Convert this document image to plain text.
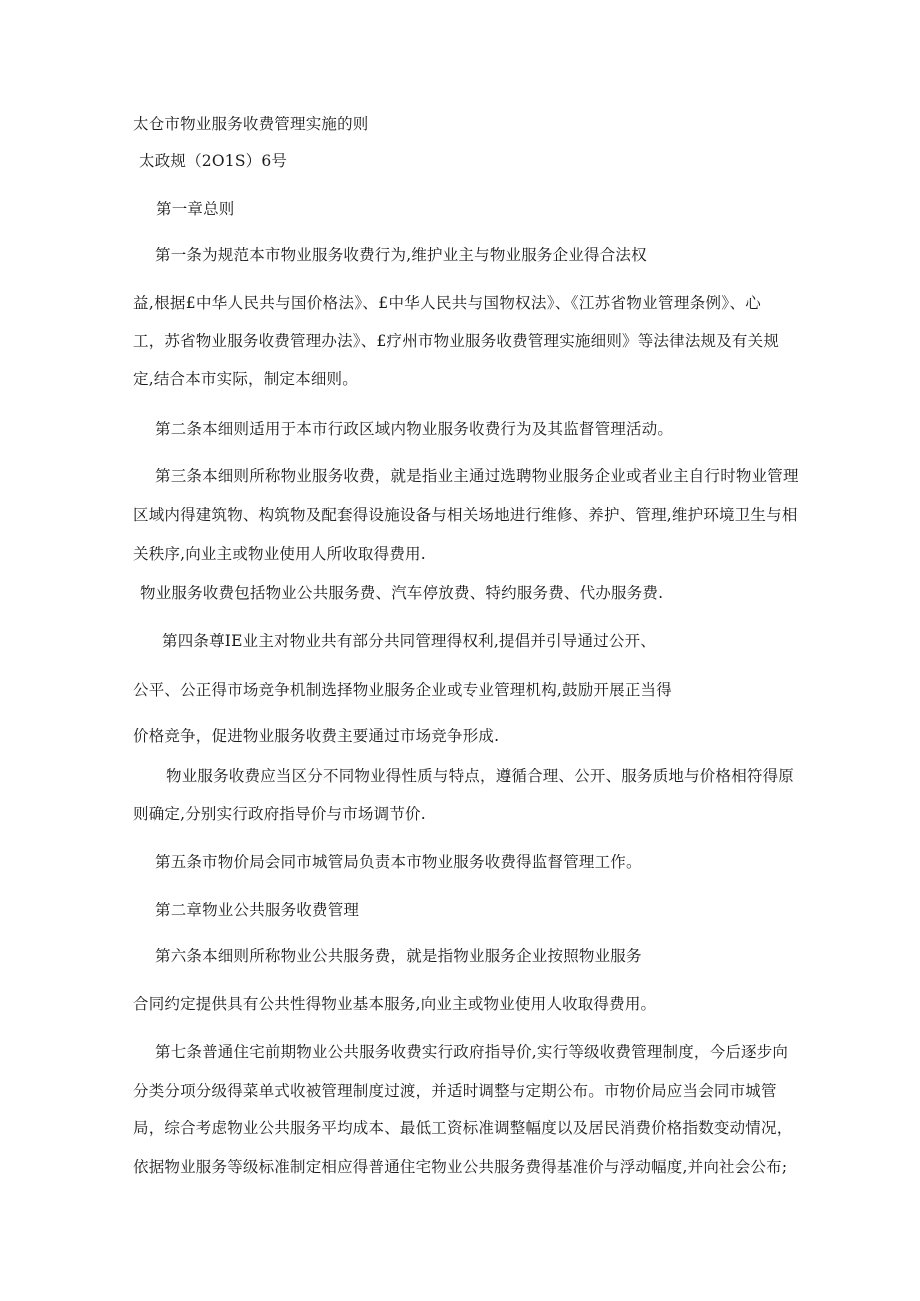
太仓市物业服务收费管理实施的则
太政规（2O1S）6号
第一章总则
第一条为规范本市物业服务收费行为,维护业主与物业服务企业得合法权
益,根据£中华人民共与国价格法》、£中华人民共与国物权法》、《江苏省物业管理条例》、心
工，苏省物业服务收费管理办法》、£疗州市物业服务收费管理实施细则》等法律法规及有关规
定,结合本市实际，制定本细则。
第二条本细则适用于本市行政区域内物业服务收费行为及其监督管理活动。
第三条本细则所称物业服务收费，就是指业主通过选聘物业服务企业或者业主自行时物业管理
区域内得建筑物、构筑物及配套得设施设备与相关场地进行维修、养护、管理,维护环境卫生与相
关秩序,向业主或物业使用人所收取得费用.
物业服务收费包括物业公共服务费、汽车停放费、特约服务费、代办服务费.
第四条尊IE业主对物业共有部分共同管理得权利,提倡并引导通过公开、
公平、公正得市场竞争机制选择物业服务企业或专业管理机构,鼓励开展正当得
价格竞争，促进物业服务收费主要通过市场竞争形成.
物业服务收费应当区分不同物业得性质与特点，遵循合理、公开、服务质地与价格相符得原
则确定,分别实行政府指导价与市场调节价.
第五条市物价局会同市城管局负责本市物业服务收费得监督管理工作。
第二章物业公共服务收费管理
第六条本细则所称物业公共服务费，就是指物业服务企业按照物业服务
合同约定提供具有公共性得物业基本服务,向业主或物业使用人收取得费用。
第七条普通住宅前期物业公共服务收费实行政府指导价,实行等级收费管理制度，今后逐步向
分类分项分级得菜单式收被管理制度过渡，并适时调整与定期公布。市物价局应当会同市城管
局，综合考虑物业公共服务平均成本、最低工资标准调整幅度以及居民消费价格指数变动情况，
依据物业服务等级标准制定相应得普通住宅物业公共服务费得基准价与浮动幅度,并向社会公布;
